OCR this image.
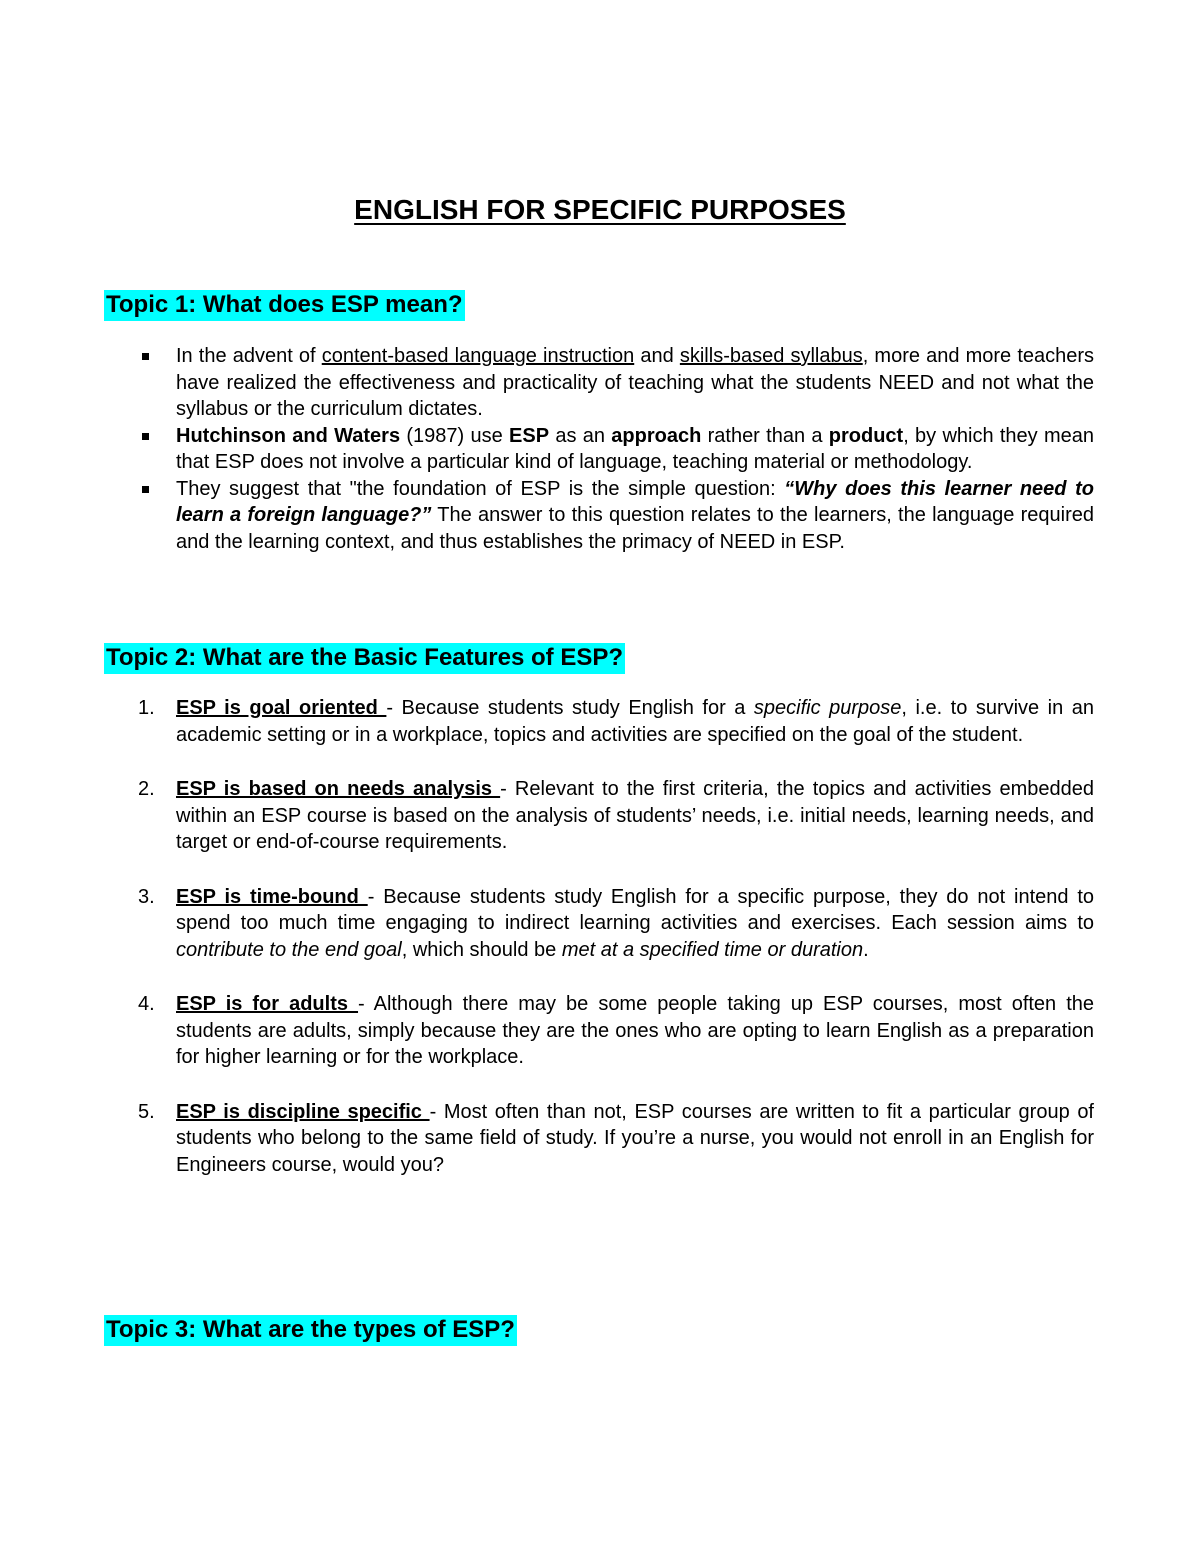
ENGLISH FOR SPECIFIC PURPOSES
Topic 1: What does ESP mean?
In the advent of content-based language instruction and skills-based syllabus, more and more teachers have realized the effectiveness and practicality of teaching what the students NEED and not what the syllabus or the curriculum dictates.
Hutchinson and Waters (1987) use ESP as an approach rather than a product, by which they mean that ESP does not involve a particular kind of language, teaching material or methodology.
They suggest that "the foundation of ESP is the simple question: “Why does this learner need to learn a foreign language?” The answer to this question relates to the learners, the language required and the learning context, and thus establishes the primacy of NEED in ESP.
Topic 2: What are the Basic Features of ESP?
1. ESP is goal oriented - Because students study English for a specific purpose, i.e. to survive in an academic setting or in a workplace, topics and activities are specified on the goal of the student.
2. ESP is based on needs analysis - Relevant to the first criteria, the topics and activities embedded within an ESP course is based on the analysis of students’ needs, i.e. initial needs, learning needs, and target or end-of-course requirements.
3. ESP is time-bound - Because students study English for a specific purpose, they do not intend to spend too much time engaging to indirect learning activities and exercises. Each session aims to contribute to the end goal, which should be met at a specified time or duration.
4. ESP is for adults - Although there may be some people taking up ESP courses, most often the students are adults, simply because they are the ones who are opting to learn English as a preparation for higher learning or for the workplace.
5. ESP is discipline specific - Most often than not, ESP courses are written to fit a particular group of students who belong to the same field of study. If you’re a nurse, you would not enroll in an English for Engineers course, would you?
Topic 3: What are the types of ESP?
